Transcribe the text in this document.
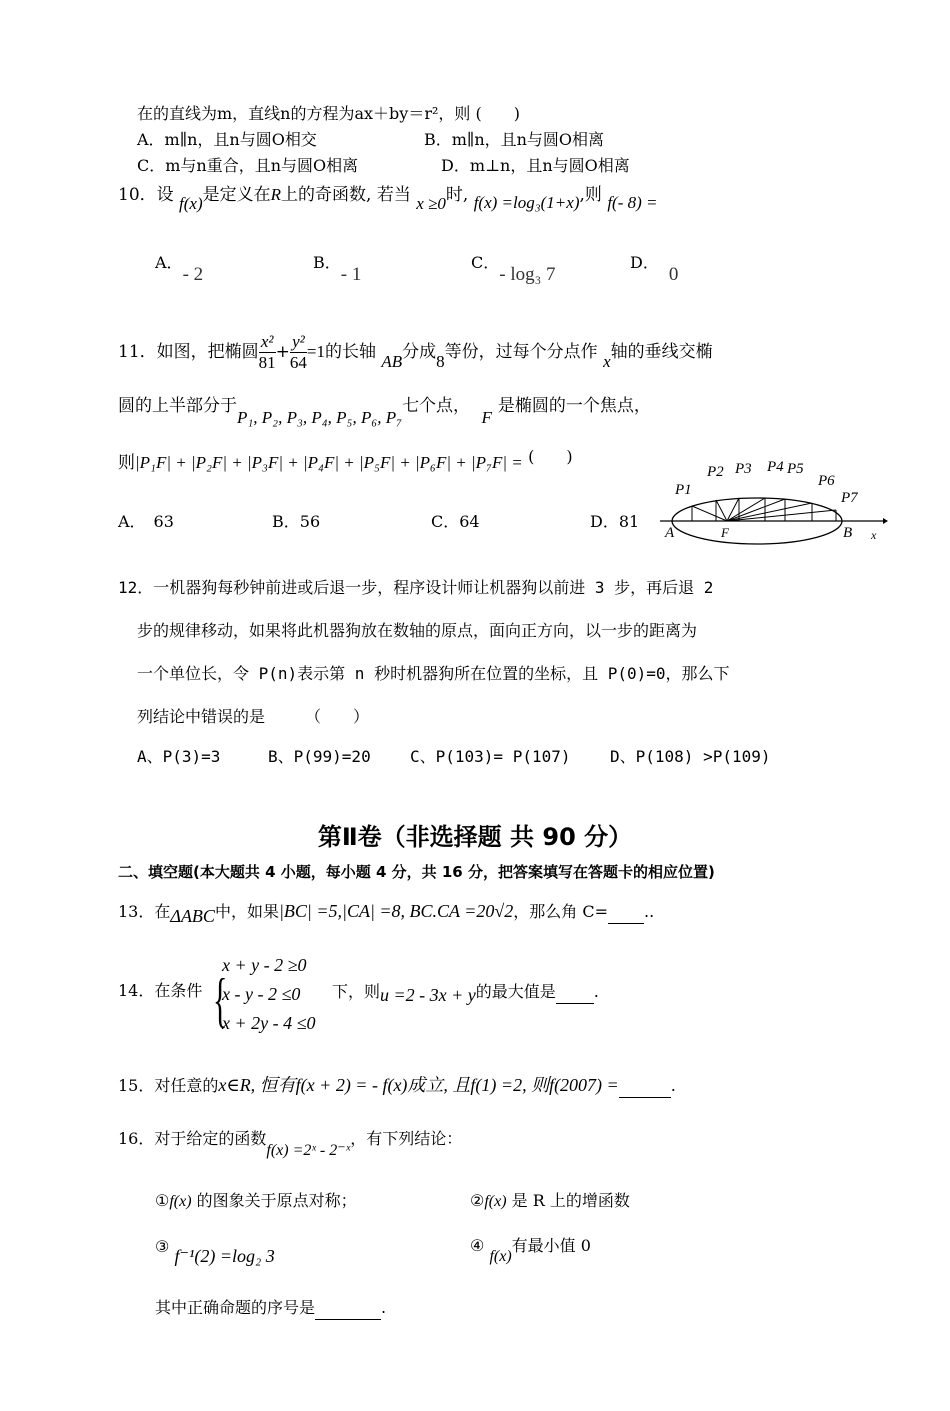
在的直线为m，直线n的方程为ax＋by＝r²，则 (　　)
A．m∥n，且n与圆O相交	B．m∥n，且n与圆O相离
C．m与n重合，且n与圆O相离	D．m⊥n，且n与圆O相离
10．设 f(x)是定义在R上的奇函数, 若当 x ≥0时, f(x) =log₃(1+x),则 f(- 8) =
A．- 2
B．- 1
C．- log₃ 7
D．0
11．如图，把椭圆 $\frac{\text{x²}}{81} + \frac{\text{y²}}{64} =1$的长轴 AB分成8等份，过每个分点作 x轴的垂线交椭
圆的上半部分于P₁, P₂, P₃, P₄, P₅, P₆, P₇七个点， F是椭圆的一个焦点，
则|P₁F| + |P₂F| + |P₃F| + |P₄F| + |P₅F| + |P₆F| + |P₇F| = (　　)
A．　63	B．56	C．64	D．81
P1
P2 P3 P4 P5
P6
P7
A	F	B x
12．一机器狗每秒钟前进或后退一步，程序设计师让机器狗以前进 3 步，再后退 2
步的规律移动，如果将此机器狗放在数轴的原点，面向正方向，以一步的距离为
一个单位长，令 P(n)表示第 n 秒时机器狗所在位置的坐标，且 P(0)=0，那么下
列结论中错误的是　　　（　　）
A、P(3)=3	B、P(99)=20 C、P(103)= P(107) D、P(108) >P(109)
第Ⅱ卷（非选择题 共 90 分）
二、填空题(本大题共 4 小题，每小题 4 分，共 16 分，把答案填写在答题卡的相应位置)
13．在ΔABC中，如果|BC| =5,|CA| =8, BC.CA =20√2，那么角 C= ..
{
x + y - 2 ≥0
x - y - 2 ≤0
x + 2y - 4 ≤0
14．在条件	下，则u =2 - 3x + y的最大值是 .
15．对任意的x∈R, 恒有f(x + 2) = - f(x)成立, 且f(1) =2, 则f(2007) =	.
16．对于给定的函数f(x) =2ˣ - 2⁻ˣ，有下列结论：
①f(x) 的图象关于原点对称；	②f(x) 是 R 上的增函数
③ f⁻¹(2) =log₂ 3
④ f(x)有最小值 0
其中正确命题的序号是	.
